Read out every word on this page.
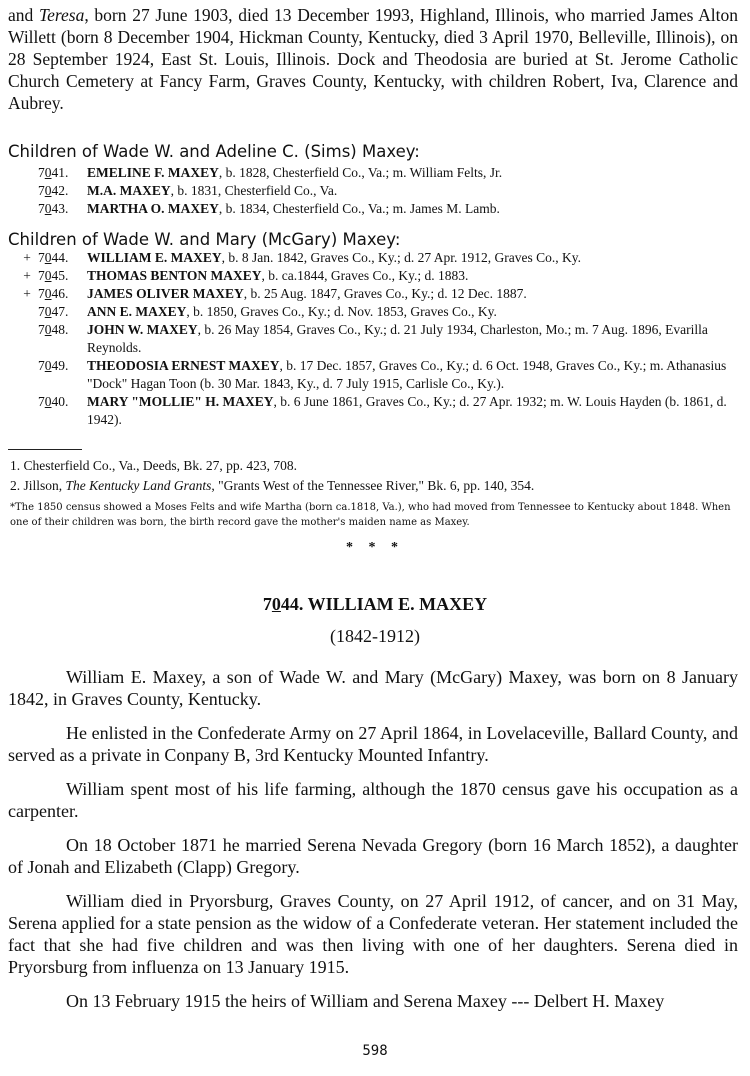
and Teresa, born 27 June 1903, died 13 December 1993, Highland, Illinois, who married James Alton Willett (born 8 December 1904, Hickman County, Kentucky, died 3 April 1970, Belleville, Illinois), on 28 September 1924, East St. Louis, Illinois. Dock and Theodosia are buried at St. Jerome Catholic Church Cemetery at Fancy Farm, Graves County, Kentucky, with children Robert, Iva, Clarence and Aubrey.

Children of Wade W. and Adeline C. (Sims) Maxey:

7041.	EMELINE F. MAXEY, b. 1828, Chesterfield Co., Va.; m. William Felts, Jr.
7042.	M.A. MAXEY, b. 1831, Chesterfield Co., Va.
7043.	MARTHA O. MAXEY, b. 1834, Chesterfield Co., Va.; m. James M. Lamb.

Children of Wade W. and Mary (McGary) Maxey:

+ 7044.	WILLIAM E. MAXEY, b. 8 Jan. 1842, Graves Co., Ky.; d. 27 Apr. 1912, Graves Co., Ky.
+ 7045.	THOMAS BENTON MAXEY, b. ca.1844, Graves Co., Ky.; d. 1883.
+ 7046.	JAMES OLIVER MAXEY, b. 25 Aug. 1847, Graves Co., Ky.; d. 12 Dec. 1887.
7047.	ANN E. MAXEY, b. 1850, Graves Co., Ky.; d. Nov. 1853, Graves Co., Ky.
7048.	JOHN W. MAXEY, b. 26 May 1854, Graves Co., Ky.; d. 21 July 1934, Charleston, Mo.; m. 7 Aug. 1896, Evarilla Reynolds.
7049.	THEODOSIA ERNEST MAXEY, b. 17 Dec. 1857, Graves Co., Ky.; d. 6 Oct. 1948, Graves Co., Ky.; m. Athanasius "Dock" Hagan Toon (b. 30 Mar. 1843, Ky., d. 7 July 1915, Carlisle Co., Ky.).
7040.	MARY "MOLLIE" H. MAXEY, b. 6 June 1861, Graves Co., Ky.; d. 27 Apr. 1932; m. W. Louis Hayden (b. 1861, d. 1942).
1. Chesterfield Co., Va., Deeds, Bk. 27, pp. 423, 708.
2. Jillson, The Kentucky Land Grants, "Grants West of the Tennessee River," Bk. 6, pp. 140, 354.

*The 1850 census showed a Moses Felts and wife Martha (born ca.1818, Va.), who had moved from Tennessee to Kentucky about 1848. When one of their children was born, the birth record gave the mother's maiden name as Maxey.

* * *
7044. WILLIAM E. MAXEY

(1842-1912)

William E. Maxey, a son of Wade W. and Mary (McGary) Maxey, was born on 8 January 1842, in Graves County, Kentucky.

He enlisted in the Confederate Army on 27 April 1864, in Lovelaceville, Ballard County, and served as a private in Conpany B, 3rd Kentucky Mounted Infantry.

William spent most of his life farming, although the 1870 census gave his occupation as a carpenter.

On 18 October 1871 he married Serena Nevada Gregory (born 16 March 1852), a daughter of Jonah and Elizabeth (Clapp) Gregory.

William died in Pryorsburg, Graves County, on 27 April 1912, of cancer, and on 31 May, Serena applied for a state pension as the widow of a Confederate veteran. Her statement included the fact that she had five children and was then living with one of her daughters. Serena died in Pryorsburg from influenza on 13 January 1915.

On 13 February 1915 the heirs of William and Serena Maxey --- Delbert H. Maxey

598
